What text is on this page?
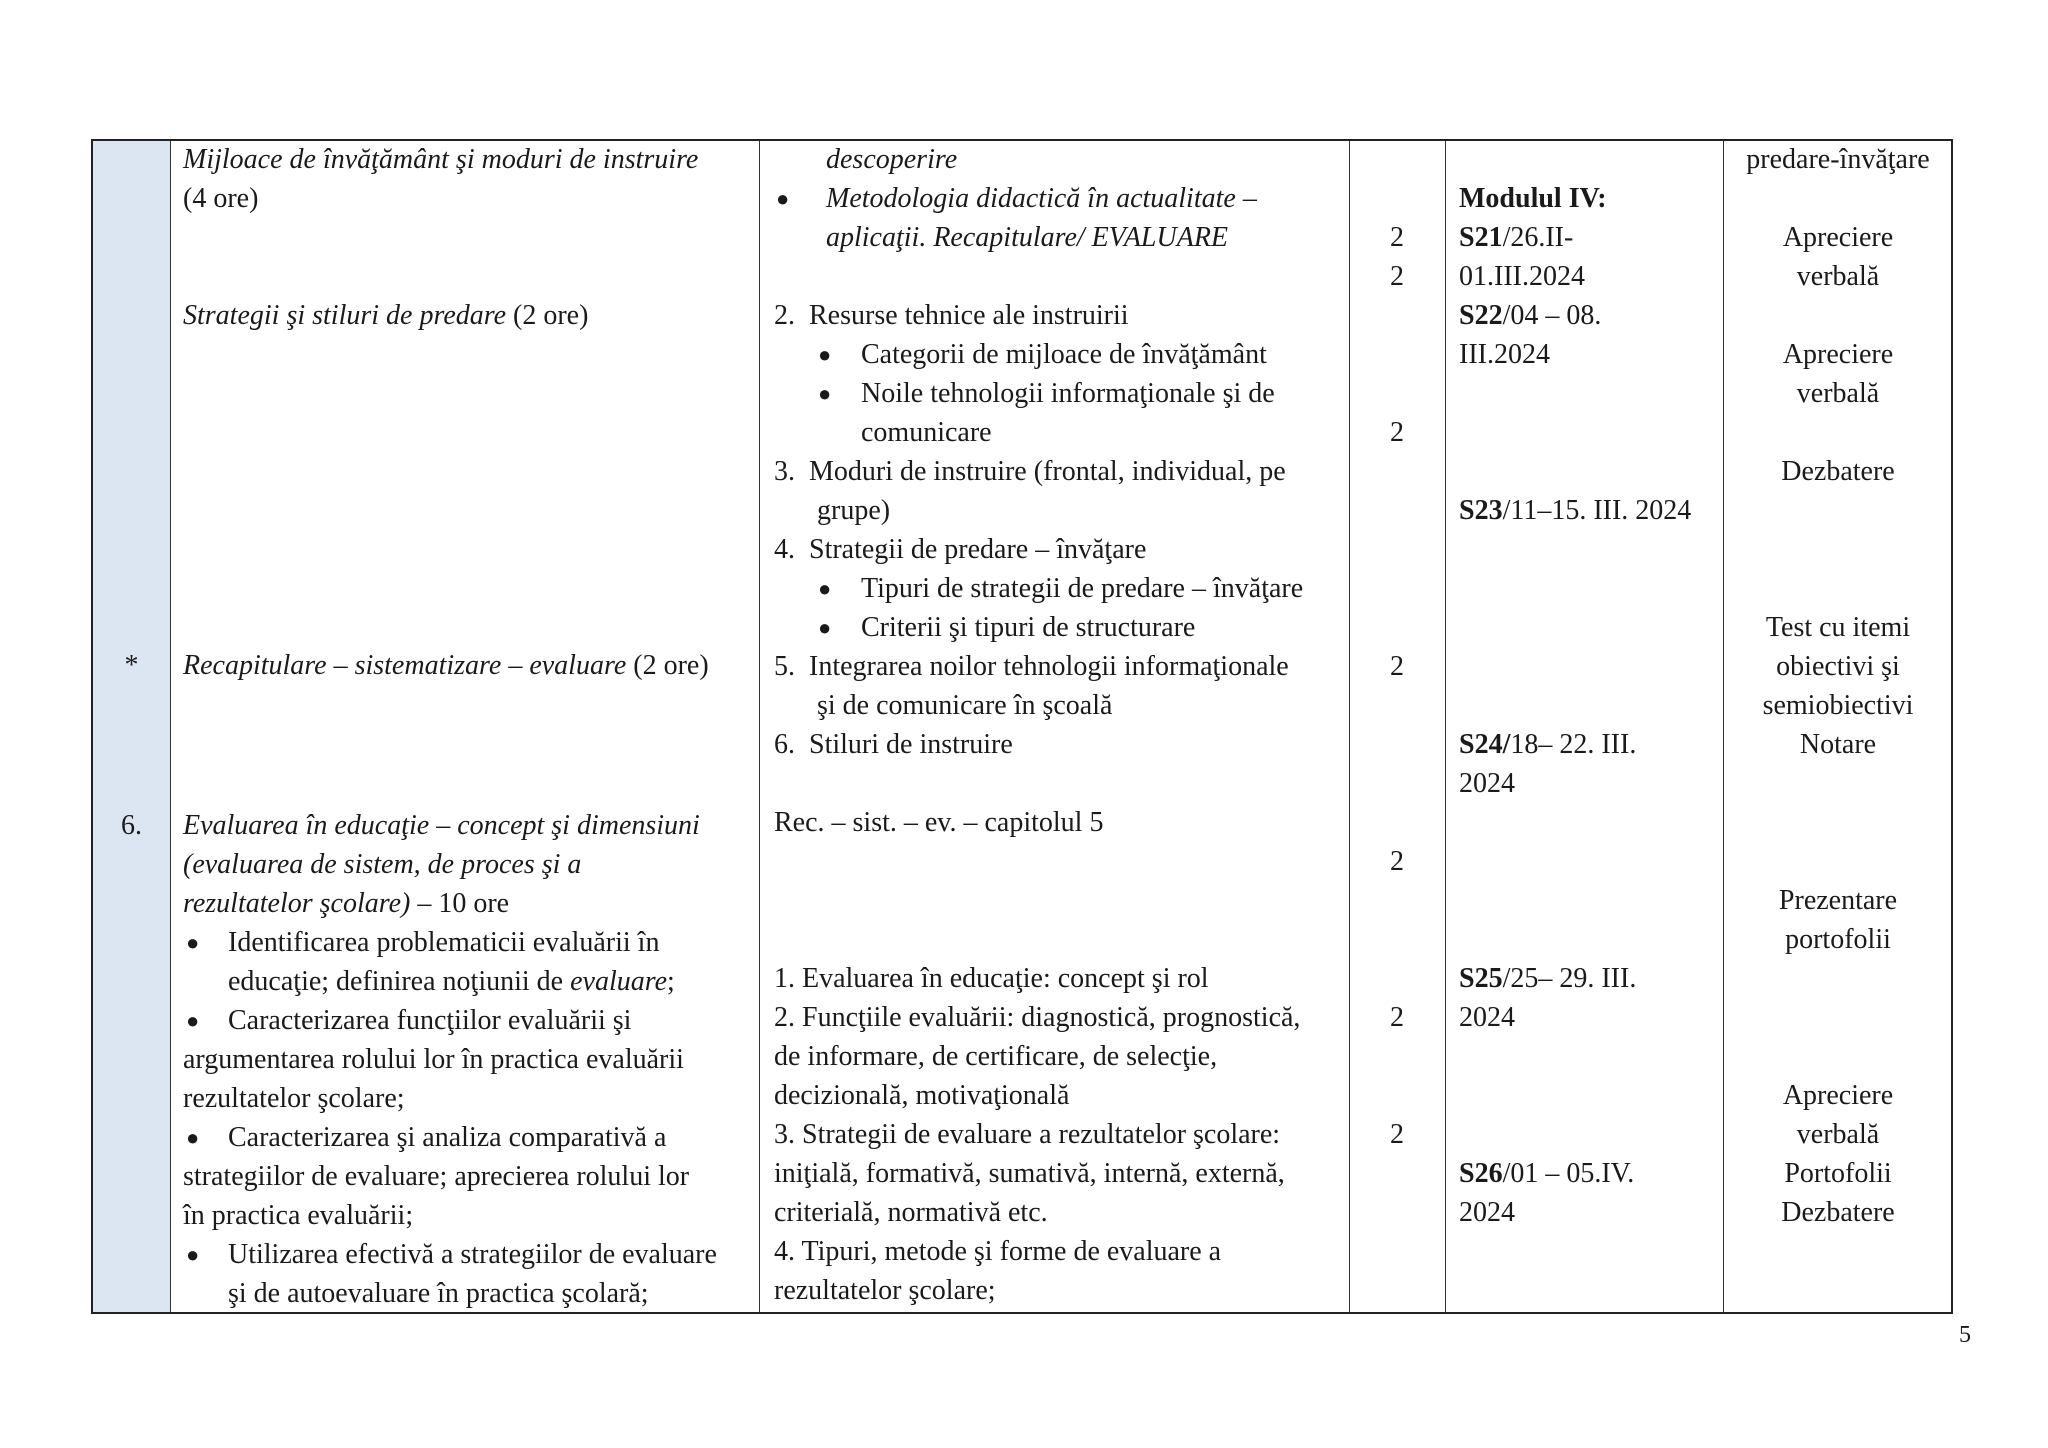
*
6.
Mijloace de învăţământ şi moduri de instruire
(4 ore)
Strategii şi stiluri de predare (2 ore)
Recapitulare – sistematizare – evaluare (2 ore)
Evaluarea în educaţie – concept şi dimensiuni
(evaluarea de sistem, de proces şi a
rezultatelor şcolare) – 10 ore
● Identificarea problematicii evaluării în
educaţie; definirea noţiunii de evaluare;
● Caracterizarea funcţiilor evaluării şi
argumentarea rolului lor în practica evaluării
rezultatelor şcolare;
● Caracterizarea şi analiza comparativă a
strategiilor de evaluare; aprecierea rolului lor
în practica evaluării;
● Utilizarea efectivă a strategiilor de evaluare
şi de autoevaluare în practica şcolară;
descoperire
● Metodologia didactică în actualitate –
aplicaţii. Recapitulare/ EVALUARE
2.  Resurse tehnice ale instruirii
● Categorii de mijloace de învăţământ
● Noile tehnologii informaţionale şi de
comunicare
3.  Moduri de instruire (frontal, individual, pe
grupe)
4.  Strategii de predare – învăţare
● Tipuri de strategii de predare – învăţare
● Criterii şi tipuri de structurare
5.  Integrarea noilor tehnologii informaţionale
şi de comunicare în şcoală
6.  Stiluri de instruire
Rec. – sist. – ev. – capitolul 5
1. Evaluarea în educaţie: concept şi rol
2. Funcţiile evaluării: diagnostică, prognostică,
de informare, de certificare, de selecţie,
decizională, motivaţională
3. Strategii de evaluare a rezultatelor şcolare:
iniţială, formativă, sumativă, internă, externă,
criterială, normativă etc.
4. Tipuri, metode şi forme de evaluare a
rezultatelor şcolare;
2
2
2
2
2
2
2
Modulul IV:
S21/26.II-
01.III.2024
S22/04 – 08.
III.2024
S23/11–15. III. 2024
S24/18– 22. III.
2024
S25/25– 29. III.
2024
S26/01 – 05.IV.
2024
predare-învăţare
Apreciere
verbală
Apreciere
verbală
Dezbatere
Test cu itemi
obiectivi şi
semiobiectivi
Notare
Prezentare
portofolii
Apreciere
verbală
Portofolii
Dezbatere
5
